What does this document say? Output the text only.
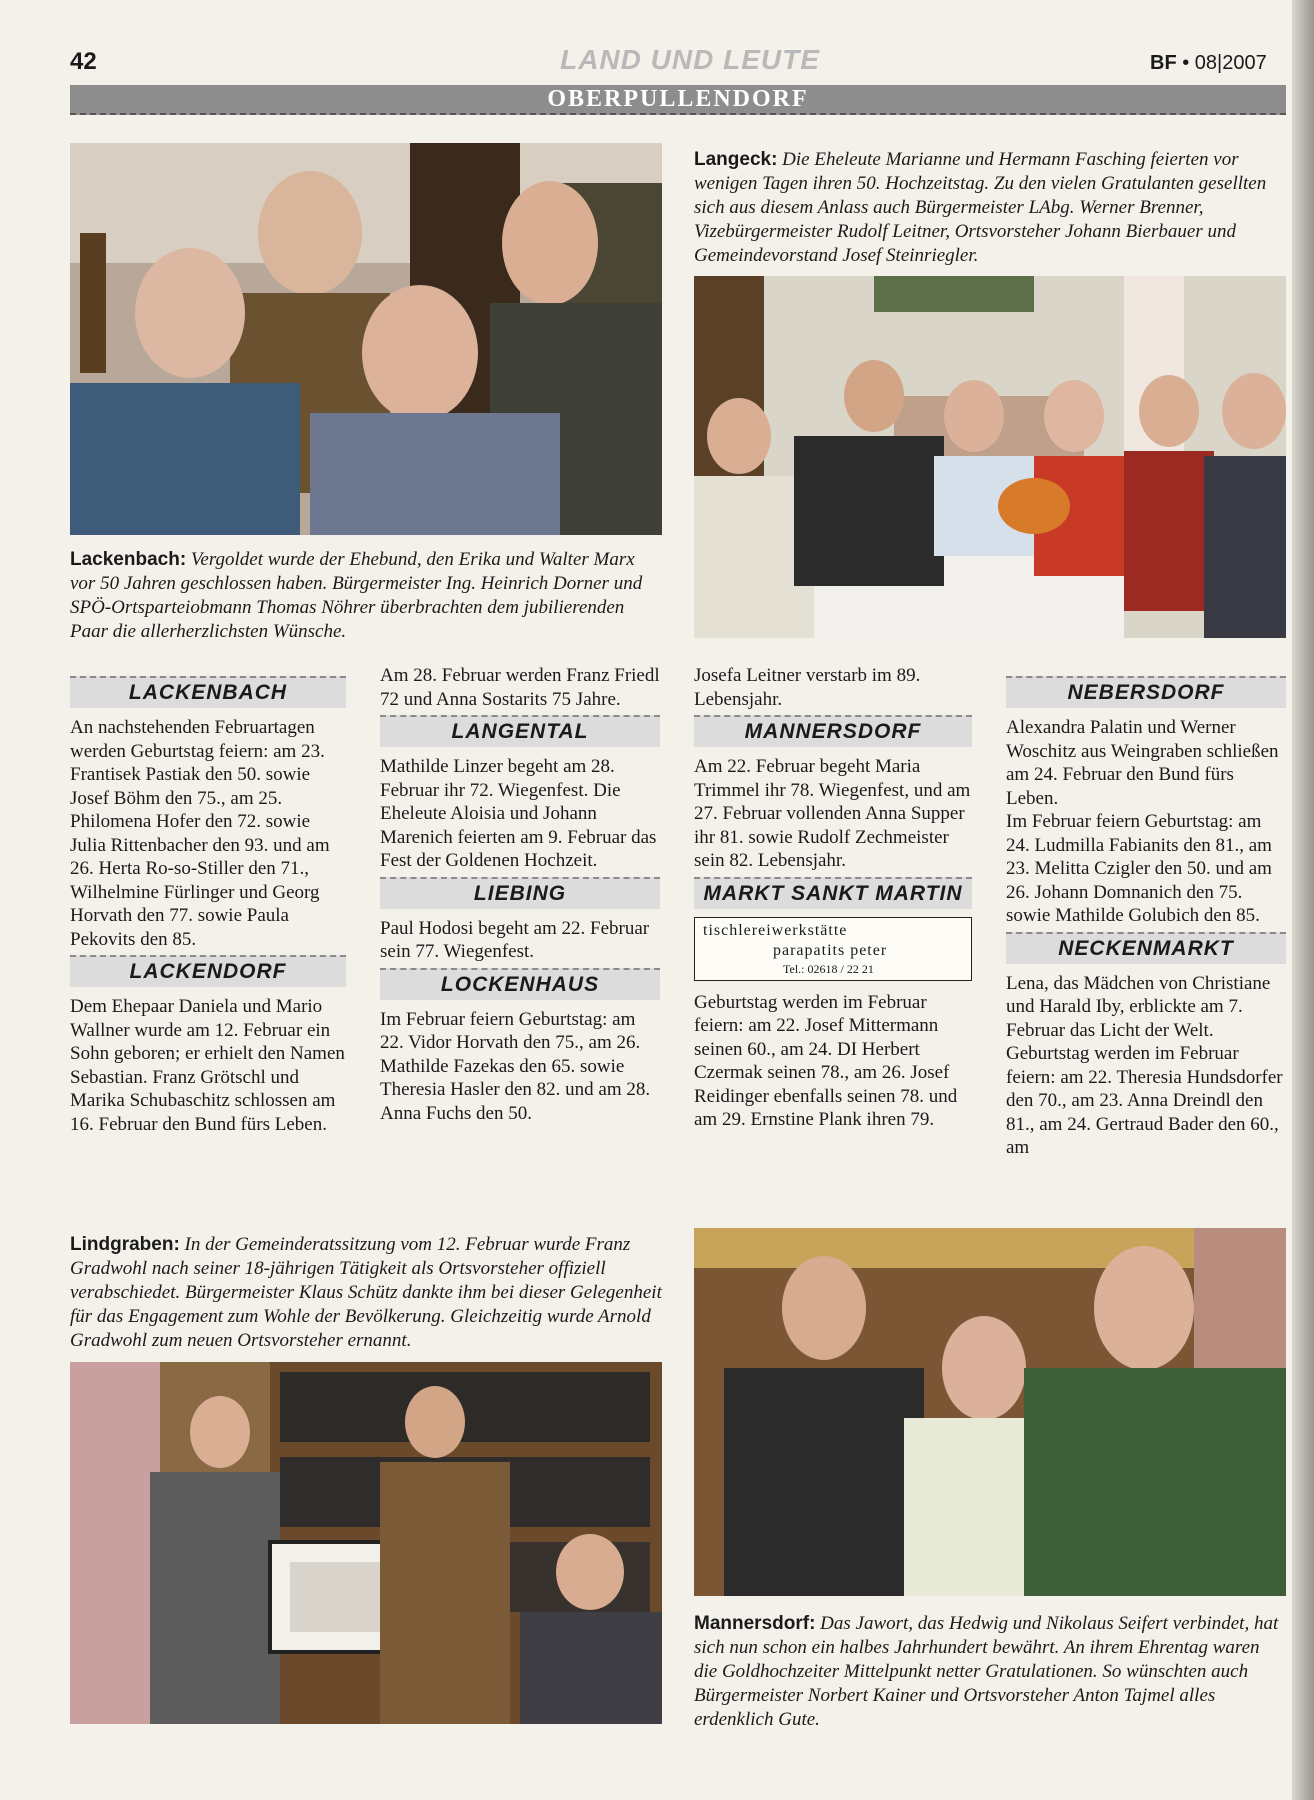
42	LAND UND LEUTE	BF • 08|2007
OBERPULLENDORF
Lackenbach: Vergoldet wurde der Ehebund, den Erika und Walter Marx vor 50 Jahren geschlossen haben. Bürgermeister Ing. Heinrich Dorner und SPÖ-Ortsparteiobmann Thomas Nöhrer überbrachten dem jubilierenden Paar die allerherzlichsten Wünsche.
Langeck: Die Eheleute Marianne und Hermann Fasching feierten vor wenigen Tagen ihren 50. Hochzeitstag. Zu den vielen Gratulanten gesellten sich aus diesem Anlass auch Bürgermeister LAbg. Werner Brenner, Vizebürgermeister Rudolf Leitner, Ortsvorsteher Johann Bierbauer und Gemeindevorstand Josef Steinriegler.
LACKENBACH

An nachstehenden Februartagen werden Geburtstag feiern: am 23. Frantisek Pastiak den 50. sowie Josef Böhm den 75., am 25. Philomena Hofer den 72. sowie Julia Rittenbacher den 93. und am 26. Herta Ro-so-Stiller den 71., Wilhelmine Fürlinger und Georg Horvath den 77. sowie Paula Pekovits den 85.

LACKENDORF

Dem Ehepaar Daniela und Mario Wallner wurde am 12. Februar ein Sohn geboren; er erhielt den Namen Sebastian. Franz Grötschl und Marika Schubaschitz schlossen am 16. Februar den Bund fürs Leben.

Am 28. Februar werden Franz Friedl 72 und Anna Sostarits 75 Jahre.

LANGENTAL

Mathilde Linzer begeht am 28. Februar ihr 72. Wiegenfest. Die Eheleute Aloisia und Johann Marenich feierten am 9. Februar das Fest der Goldenen Hochzeit.

LIEBING

Paul Hodosi begeht am 22. Februar sein 77. Wiegenfest.

LOCKENHAUS

Im Februar feiern Geburtstag: am 22. Vidor Horvath den 75., am 26. Mathilde Fazekas den 65. sowie Theresia Hasler den 82. und am 28. Anna Fuchs den 50.

Josefa Leitner verstarb im 89. Lebensjahr.

MANNERSDORF

Am 22. Februar begeht Maria Trimmel ihr 78. Wiegenfest, und am 27. Februar vollenden Anna Supper ihr 81. sowie Rudolf Zechmeister sein 82. Lebensjahr.

MARKT SANKT MARTIN
tischlereiwerkstätte
parapatits peter
Tel.: 02618 / 22 21

Geburtstag werden im Februar feiern: am 22. Josef Mittermann seinen 60., am 24. DI Herbert Czermak seinen 78., am 26. Josef Reidinger ebenfalls seinen 78. und am 29. Ernstine Plank ihren 79.

NEBERSDORF

Alexandra Palatin und Werner Woschitz aus Weingraben schließen am 24. Februar den Bund fürs Leben.

Im Februar feiern Geburtstag: am 24. Ludmilla Fabianits den 81., am 23. Melitta Czigler den 50. und am 26. Johann Domnanich den 75. sowie Mathilde Golubich den 85.

NECKENMARKT

Lena, das Mädchen von Christiane und Harald Iby, erblickte am 7. Februar das Licht der Welt.

Geburtstag werden im Februar feiern: am 22. Theresia Hundsdorfer den 70., am 23. Anna Dreindl den 81., am 24. Gertraud Bader den 60., am

Lindgraben: In der Gemeinderatssitzung vom 12. Februar wurde Franz Gradwohl nach seiner 18-jährigen Tätigkeit als Ortsvorsteher offiziell verabschiedet. Bürgermeister Klaus Schütz dankte ihm bei dieser Gelegenheit für das Engagement zum Wohle der Bevölkerung. Gleichzeitig wurde Arnold Gradwohl zum neuen Ortsvorsteher ernannt.
Mannersdorf: Das Jawort, das Hedwig und Nikolaus Seifert verbindet, hat sich nun schon ein halbes Jahrhundert bewährt. An ihrem Ehrentag waren die Goldhochzeiter Mittelpunkt netter Gratulationen. So wünschten auch Bürgermeister Norbert Kainer und Ortsvorsteher Anton Tajmel alles erdenklich Gute.
